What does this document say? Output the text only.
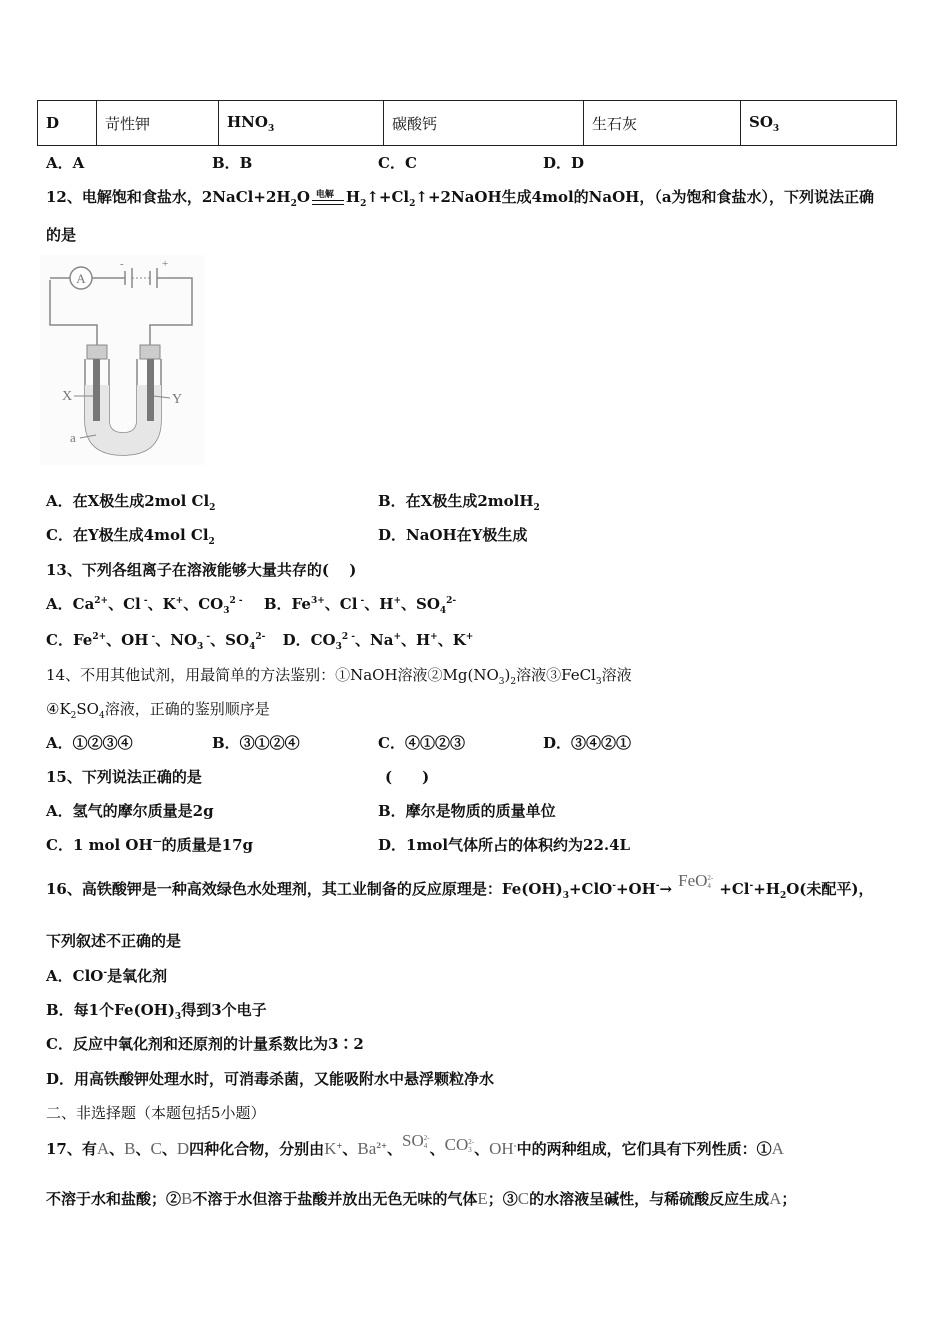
D	苛性钾	$HNO_3$	碳酸钙	生石灰	$SO_3$
A．A	B．B	C．C	D．D
12、电解饱和食盐水，$2NaCl+2H_2O$ 电解 $H_2↑+Cl_2↑+2NaOH$生成4mol的NaOH，（a为饱和食盐水），下列说法正确
的是
A
-	+
X	Y
a
A．在X极生成2mol $Cl_2$	B．在X极生成2molH$_2$
C．在Y极生成4mol $Cl_2$	D．NaOH在Y极生成
13、下列各组离子在溶液能够大量共存的(　 )
A．$Ca^{2+}$、Cl -、K+、$CO_3^{2 -}$ B．$Fe^{3+}$、Cl -、H+、$SO_4^{2-}$
C．$Fe^{2+}$、OH -、$NO_3$ -、$SO_4^{2-}$ D．$CO_3^{2 -}$、Na+、H+、K+
14、不用其他试剂，用最简单的方法鉴别：①NaOH溶液$②Mg(NO_3)_2$溶液③FeCl$_3$溶液
$④K_2SO_4$溶液，正确的鉴别顺序是
A．①②③④	B．③①②④	C．④①②③	D．③④②①
15、下列说法正确的是	(　　)
A．氢气的摩尔质量是2g	B．摩尔是物质的质量单位
C．1 mol OH—的质量是17g	D．1mol气体所占的体积约为22.4L
16、高铁酸钾是一种高效绿色水处理剂，其工业制备的反应原理是：$Fe(OH)_3+ClO^-+OH^-\to$ FeO 2-
$4 +Cl^-+H_2O$(未配平)，
下列叙述不正确的是
A．ClO-是氧化剂
B．每1个$Fe(OH)_3$得到3个电子
C．反应中氧化剂和还原剂的计量系数比为3∶2
D．用高铁酸钾处理水时，可消毒杀菌，又能吸附水中悬浮颗粒净水
二、非选择题（本题包括5小题）
17、有A、B、C、D四种化合物，分别由K+、$Ba^{2+}$、SO 2-
4 、CO 2-
3 、OH-中的两种组成，它们具有下列性质：①A
不溶于水和盐酸；②B不溶于水但溶于盐酸并放出无色无味的气体E；③C的水溶液呈碱性，与稀硫酸反应生成A；
